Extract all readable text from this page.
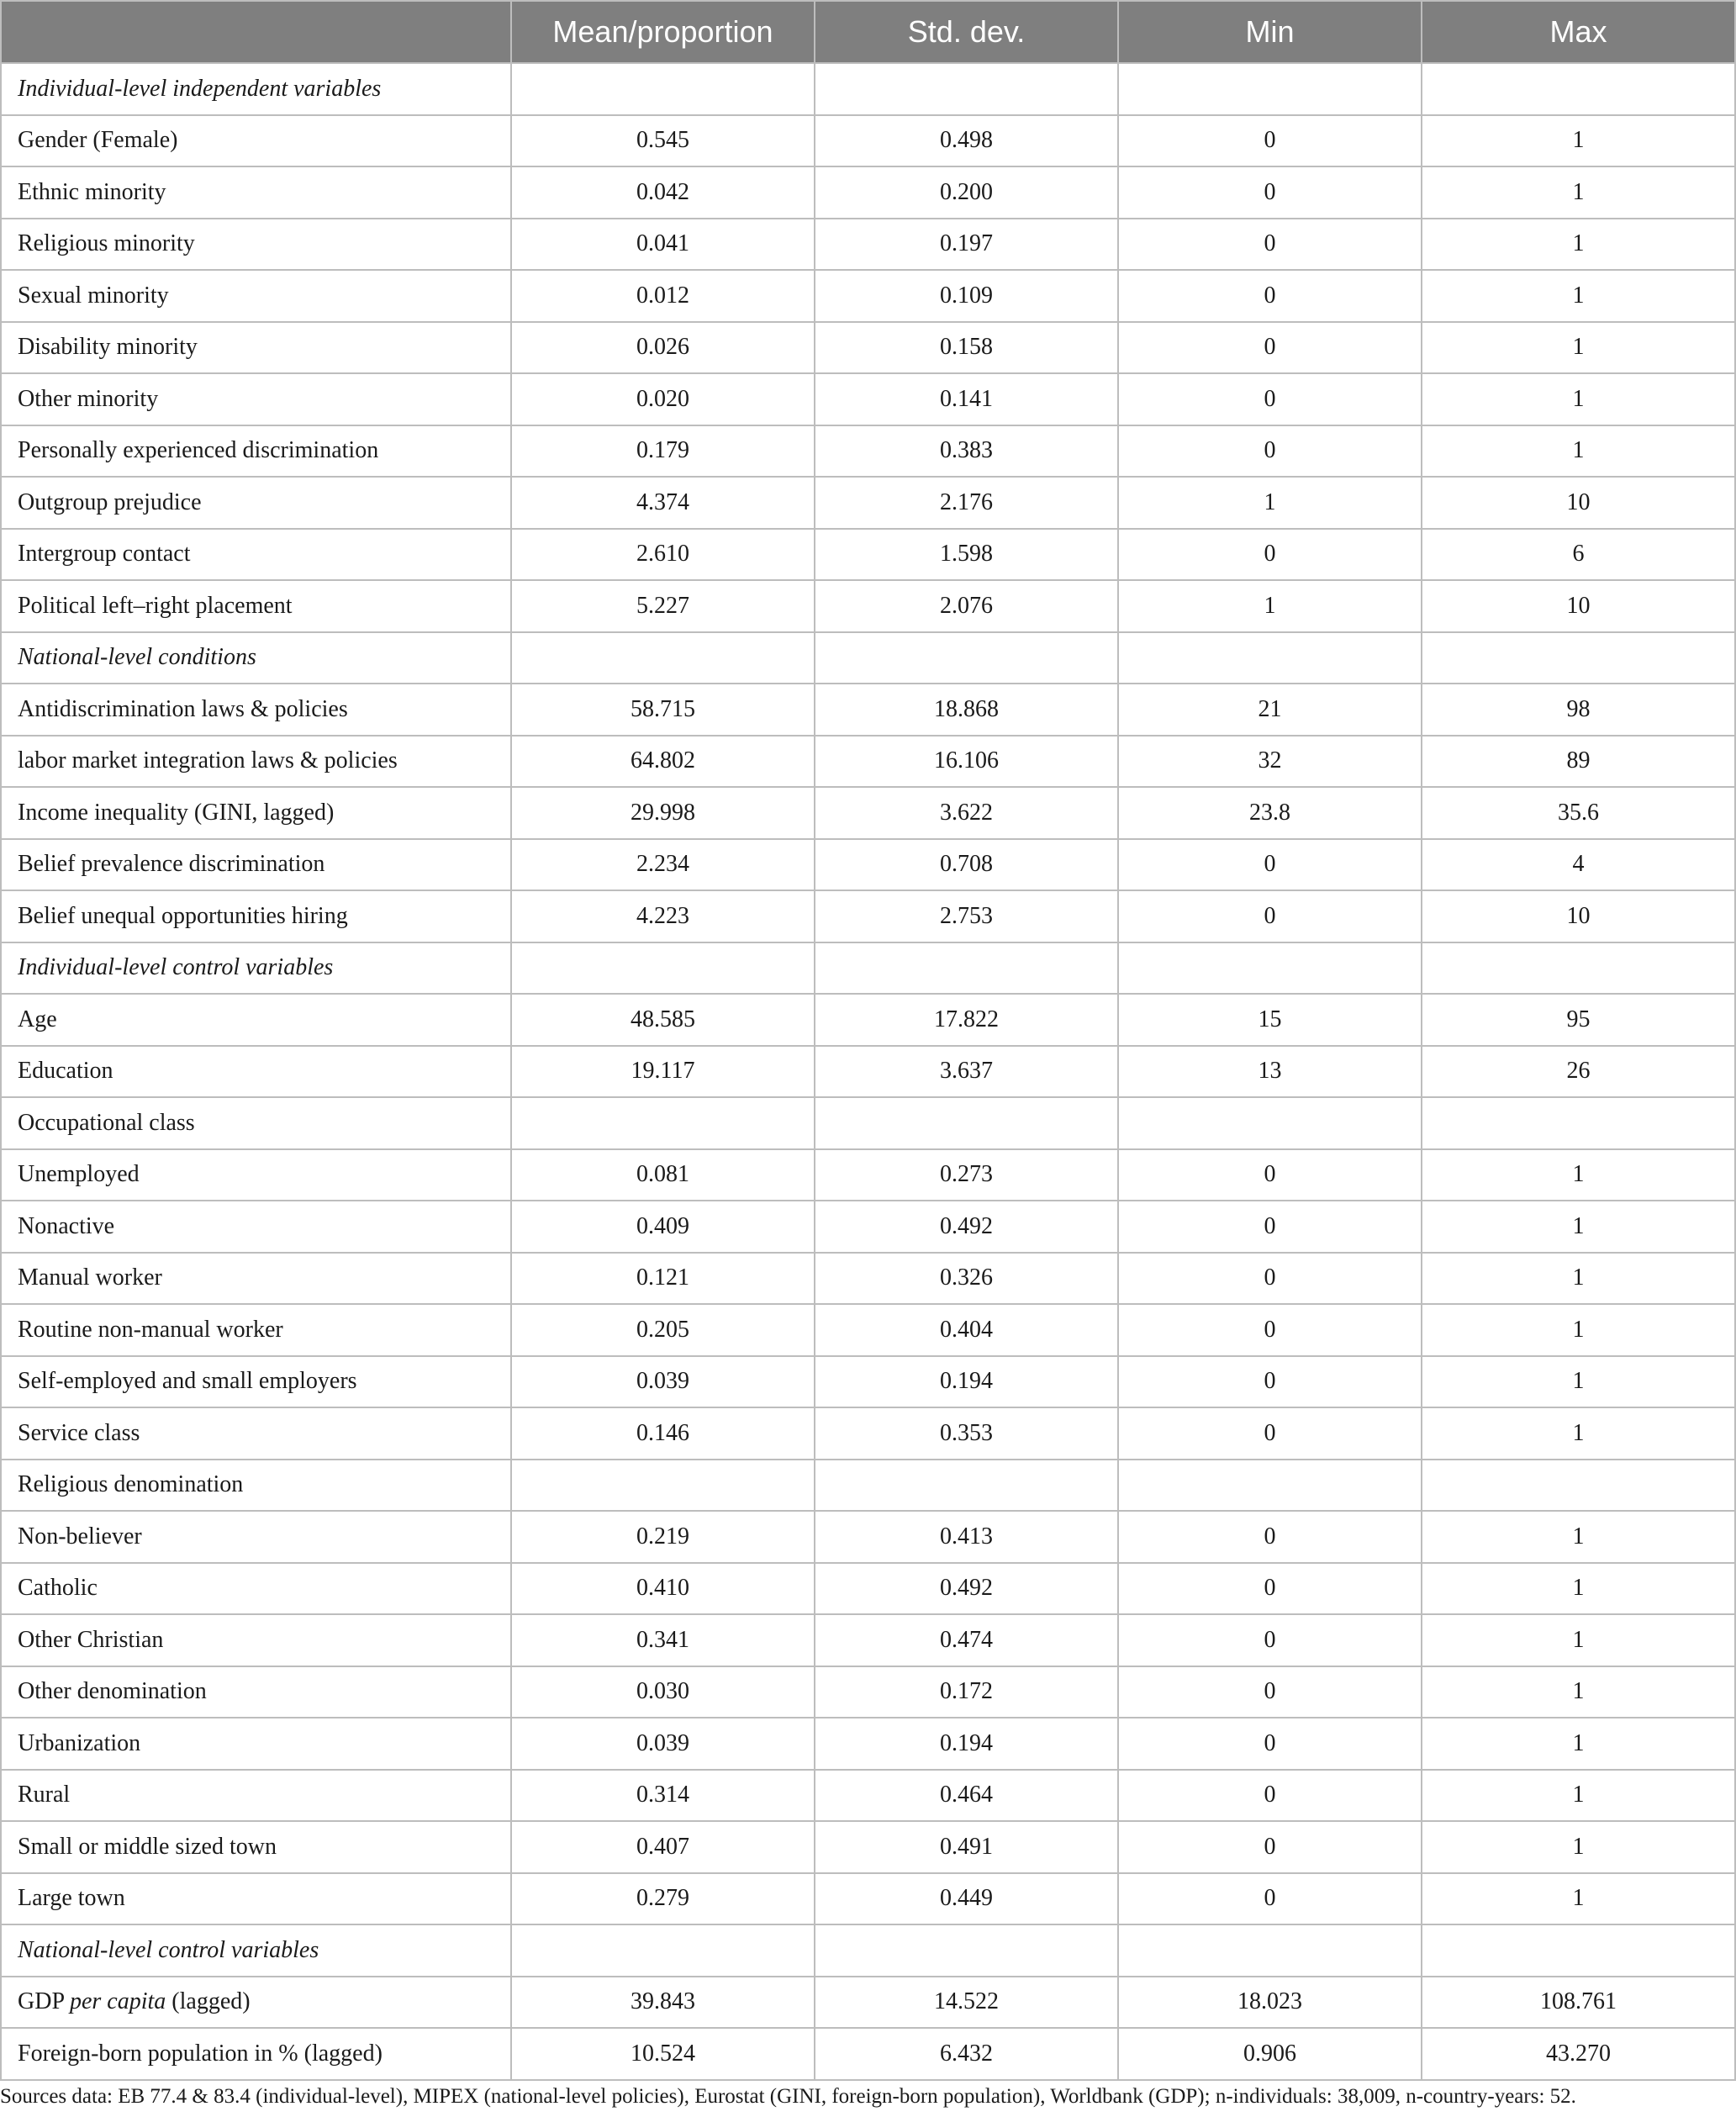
	Mean/proportion	Std. dev.	Min	Max
Individual-level independent variables				
Gender (Female)	0.545	0.498	0	1
Ethnic minority	0.042	0.200	0	1
Religious minority	0.041	0.197	0	1
Sexual minority	0.012	0.109	0	1
Disability minority	0.026	0.158	0	1
Other minority	0.020	0.141	0	1
Personally experienced discrimination	0.179	0.383	0	1
Outgroup prejudice	4.374	2.176	1	10
Intergroup contact	2.610	1.598	0	6
Political left–right placement	5.227	2.076	1	10
National-level conditions				
Antidiscrimination laws & policies	58.715	18.868	21	98
labor market integration laws & policies	64.802	16.106	32	89
Income inequality (GINI, lagged)	29.998	3.622	23.8	35.6
Belief prevalence discrimination	2.234	0.708	0	4
Belief unequal opportunities hiring	4.223	2.753	0	10
Individual-level control variables				
Age	48.585	17.822	15	95
Education	19.117	3.637	13	26
Occupational class				
Unemployed	0.081	0.273	0	1
Nonactive	0.409	0.492	0	1
Manual worker	0.121	0.326	0	1
Routine non-manual worker	0.205	0.404	0	1
Self-employed and small employers	0.039	0.194	0	1
Service class	0.146	0.353	0	1
Religious denomination				
Non-believer	0.219	0.413	0	1
Catholic	0.410	0.492	0	1
Other Christian	0.341	0.474	0	1
Other denomination	0.030	0.172	0	1
Urbanization	0.039	0.194	0	1
Rural	0.314	0.464	0	1
Small or middle sized town	0.407	0.491	0	1
Large town	0.279	0.449	0	1
National-level control variables				
GDP per capita (lagged)	39.843	14.522	18.023	108.761
Foreign-born population in % (lagged)	10.524	6.432	0.906	43.270
Sources data: EB 77.4 & 83.4 (individual-level), MIPEX (national-level policies), Eurostat (GINI, foreign-born population), Worldbank (GDP); n-individuals: 38,009, n-country-years: 52.
